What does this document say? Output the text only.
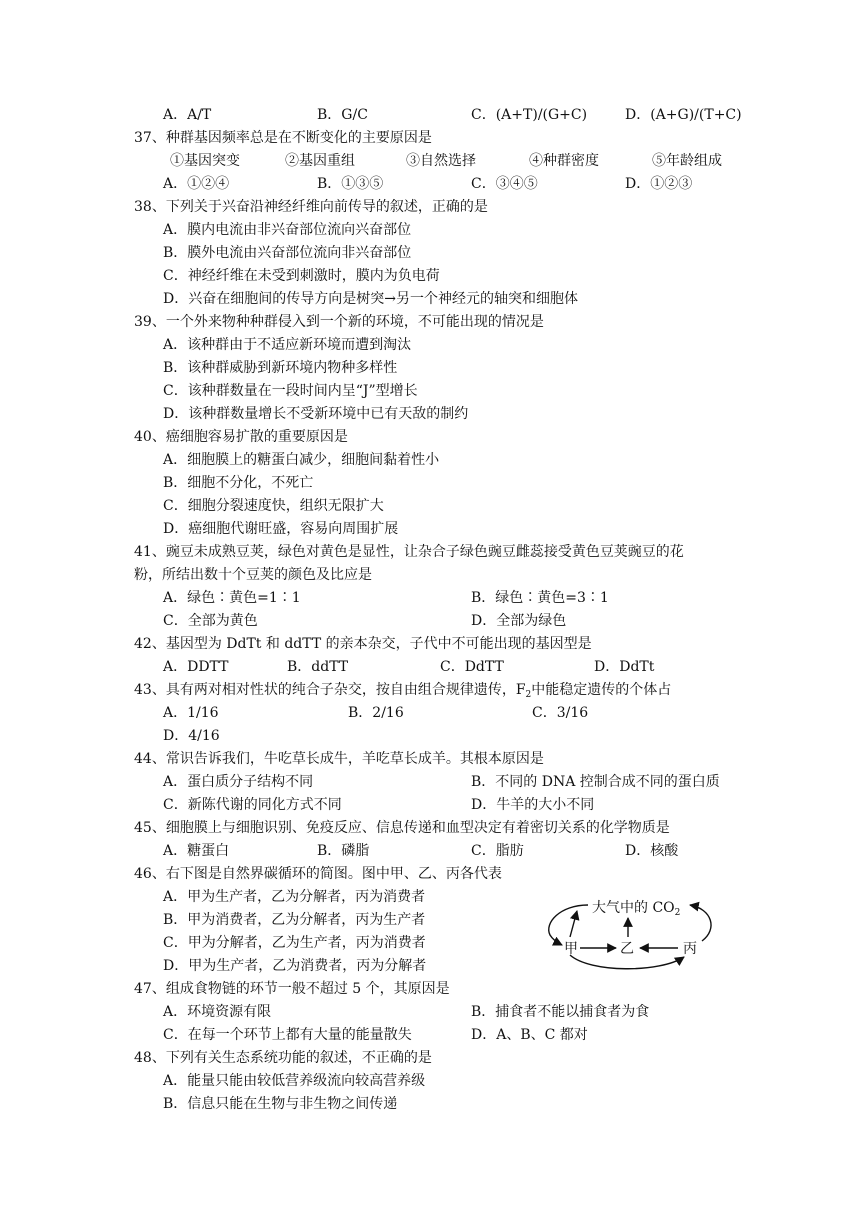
A．A/T	B．G/C	C．(A+T)/(G+C)	D．(A+G)/(T+C)
37、种群基因频率总是在不断变化的主要原因是
①基因突变	②基因重组	③自然选择	④种群密度	⑤年龄组成
A．①②④	B．①③⑤	C．③④⑤	D．①②③
38、下列关于兴奋沿神经纤维向前传导的叙述，正确的是
A．膜内电流由非兴奋部位流向兴奋部位
B．膜外电流由兴奋部位流向非兴奋部位
C．神经纤维在未受到刺激时，膜内为负电荷
D．兴奋在细胞间的传导方向是树突→另一个神经元的轴突和细胞体
39、一个外来物种种群侵入到一个新的环境，不可能出现的情况是
A．该种群由于不适应新环境而遭到淘汰
B．该种群威胁到新环境内物种多样性
C．该种群数量在一段时间内呈“J”型增长
D．该种群数量增长不受新环境中已有天敌的制约
40、癌细胞容易扩散的重要原因是
A．细胞膜上的糖蛋白减少，细胞间黏着性小
B．细胞不分化，不死亡
C．细胞分裂速度快，组织无限扩大
D．癌细胞代谢旺盛，容易向周围扩展
41、豌豆未成熟豆荚，绿色对黄色是显性，让杂合子绿色豌豆雌蕊接受黄色豆荚豌豆的花
粉，所结出数十个豆荚的颜色及比应是
A．绿色∶黄色=1∶1	B．绿色∶黄色=3∶1
C．全部为黄色	D．全部为绿色
42、基因型为 DdTt 和 ddTT 的亲本杂交，子代中不可能出现的基因型是
A．DDTT	B．ddTT	C．DdTT	D．DdTt
43、具有两对相对性状的纯合子杂交，按自由组合规律遗传，$F_2$中能稳定遗传的个体占
A．1/16	B．2/16	C．3/16
D．4/16
44、常识告诉我们，牛吃草长成牛，羊吃草长成羊。其根本原因是
A．蛋白质分子结构不同	B．不同的 DNA 控制合成不同的蛋白质
C．新陈代谢的同化方式不同	D．牛羊的大小不同
45、细胞膜上与细胞识别、免疫反应、信息传递和血型决定有着密切关系的化学物质是
A．糖蛋白	B．磷脂	C．脂肪	D．核酸
46、右下图是自然界碳循环的简图。图中甲、乙、丙各代表
A．甲为生产者，乙为分解者，丙为消费者
B．甲为消费者，乙为分解者，丙为生产者
C．甲为分解者，乙为生产者，丙为消费者
D．甲为生产者，乙为消费者，丙为分解者
大气中的 $CO_2$
甲	乙	丙
47、组成食物链的环节一般不超过 5 个，其原因是
A．环境资源有限	B．捕食者不能以捕食者为食
C．在每一个环节上都有大量的能量散失	D．A、B、C 都对
48、下列有关生态系统功能的叙述，不正确的是
A．能量只能由较低营养级流向较高营养级
B．信息只能在生物与非生物之间传递
